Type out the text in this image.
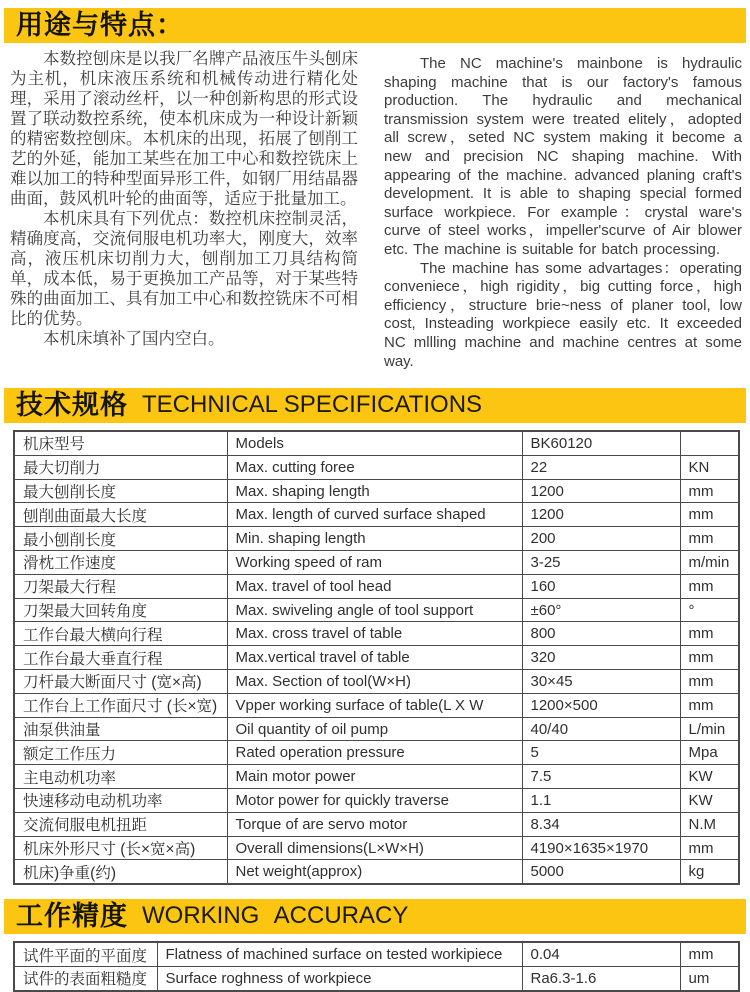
用途与特点：

本数控刨床是以我厂名牌产品液压牛头刨床为主机，机床液压系统和机械传动进行精化处理，采用了滚动丝杆，以一种创新构思的形式设置了联动数控系统，使本机床成为一种设计新颖的精密数控刨床。本机床的出现，拓展了刨削工艺的外延，能加工某些在加工中心和数控铣床上难以加工的特种型面异形工件，如钢厂用结晶器曲面，鼓风机叶轮的曲面等，适应于批量加工。

本机床具有下列优点：数控机床控制灵活，精确度高，交流伺服电机功率大，刚度大，效率高，液压机床切削力大，刨削加工刀具结构简单，成本低，易于更换加工产品等，对于某些特殊的曲面加工、具有加工中心和数控铣床不可相比的优势。

本机床填补了国内空白。

The NC machine's mainbone is hydraulic shaping machine that is our factory's famous production. The hydraulic and mechanical transmission system were treated elitely，adopted all screw，seted NC system making it become a new and precision NC shaping machine. With appearing of the machine. advanced planing craft's development. It is able to shaping special formed surface workpiece. For example：crystal ware's curve of steel works，impeller'scurve of Air blower etc. The machine is suitable for batch processing.

The machine has some advartages：operating conveniece，high rigidity，big cutting force，high efficiency，structure brie~ness of planer tool, low cost, Insteading workpiece easily etc. It exceeded NC mllling machine and machine centres at some way.

技术规格 TECHNICAL SPECIFICATIONS
机床型号	Models	BK60120	
最大切削力	Max. cutting foree	22	KN
最大刨削长度	Max. shaping length	1200	mm
刨削曲面最大长度	Max. length of curved surface shaped	1200	mm
最小刨削长度	Min. shaping length	200	mm
滑枕工作速度	Working speed of ram	3-25	m/min
刀架最大行程	Max. travel of tool head	160	mm
刀架最大回转角度	Max. swiveling angle of tool support	±60°	°
工作台最大横向行程	Max. cross travel of table	800	mm
工作台最大垂直行程	Max.vertical travel of table	320	mm
刀杆最大断面尺寸 (宽×高)	Max. Section of tool(W×H)	30×45	mm
工作台上工作面尺寸 (长×宽)	Vpper working surface of table(L X W	1200×500	mm
油泵供油量	Oil quantity of oil pump	40/40	L/min
额定工作压力	Rated operation pressure	5	Mpa
主电动机功率	Main motor power	7.5	KW
快速移动电动机功率	Motor power for quickly traverse	1.1	KW
交流伺服电机扭距	Torque of are servo motor	8.34	N.M
机床外形尺寸 (长×宽×高)	Overall dimensions(L×W×H)	4190×1635×1970	mm
机床)争重(约)	Net weight(approx)	5000	kg
工作精度 WORKING ACCURACY
试件平面的平面度	Flatness of machined surface on tested workipiece	0.04	mm
试件的表面粗糙度	Surface roghness of workpiece	Ra6.3-1.6	um
